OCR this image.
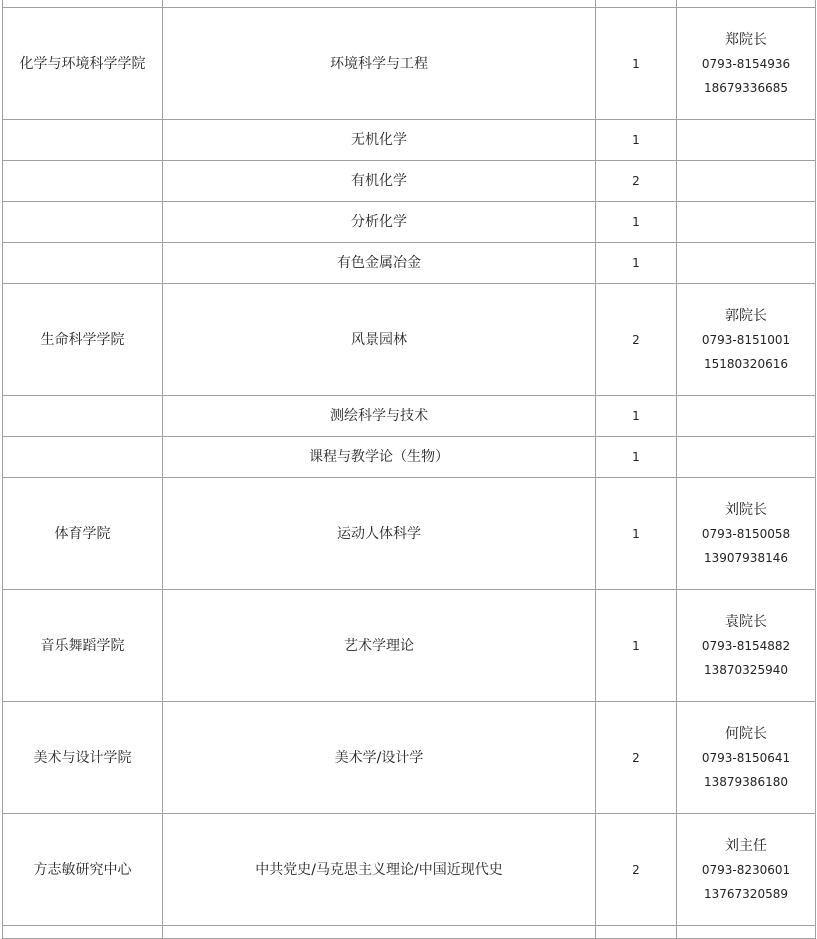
化学与环境科学学院	环境科学与工程	1	郑院长
0793-8154936
18679336685

	无机化学	1	
	有机化学	2	
	分析化学	1	
	有色金属冶金	1	
生命科学学院	风景园林	2	郭院长
0793-8151001
15180320616

	测绘科学与技术	1	
	课程与教学论（生物）	1	
体育学院	运动人体科学	1	刘院长
0793-8150058
13907938146

音乐舞蹈学院	艺术学理论	1	袁院长
0793-8154882
13870325940

美术与设计学院	美术学/设计学	2	何院长
0793-8150641
13879386180

方志敏研究中心	中共党史/马克思主义理论/中国近现代史	2	刘主任
0793-8230601
13767320589
